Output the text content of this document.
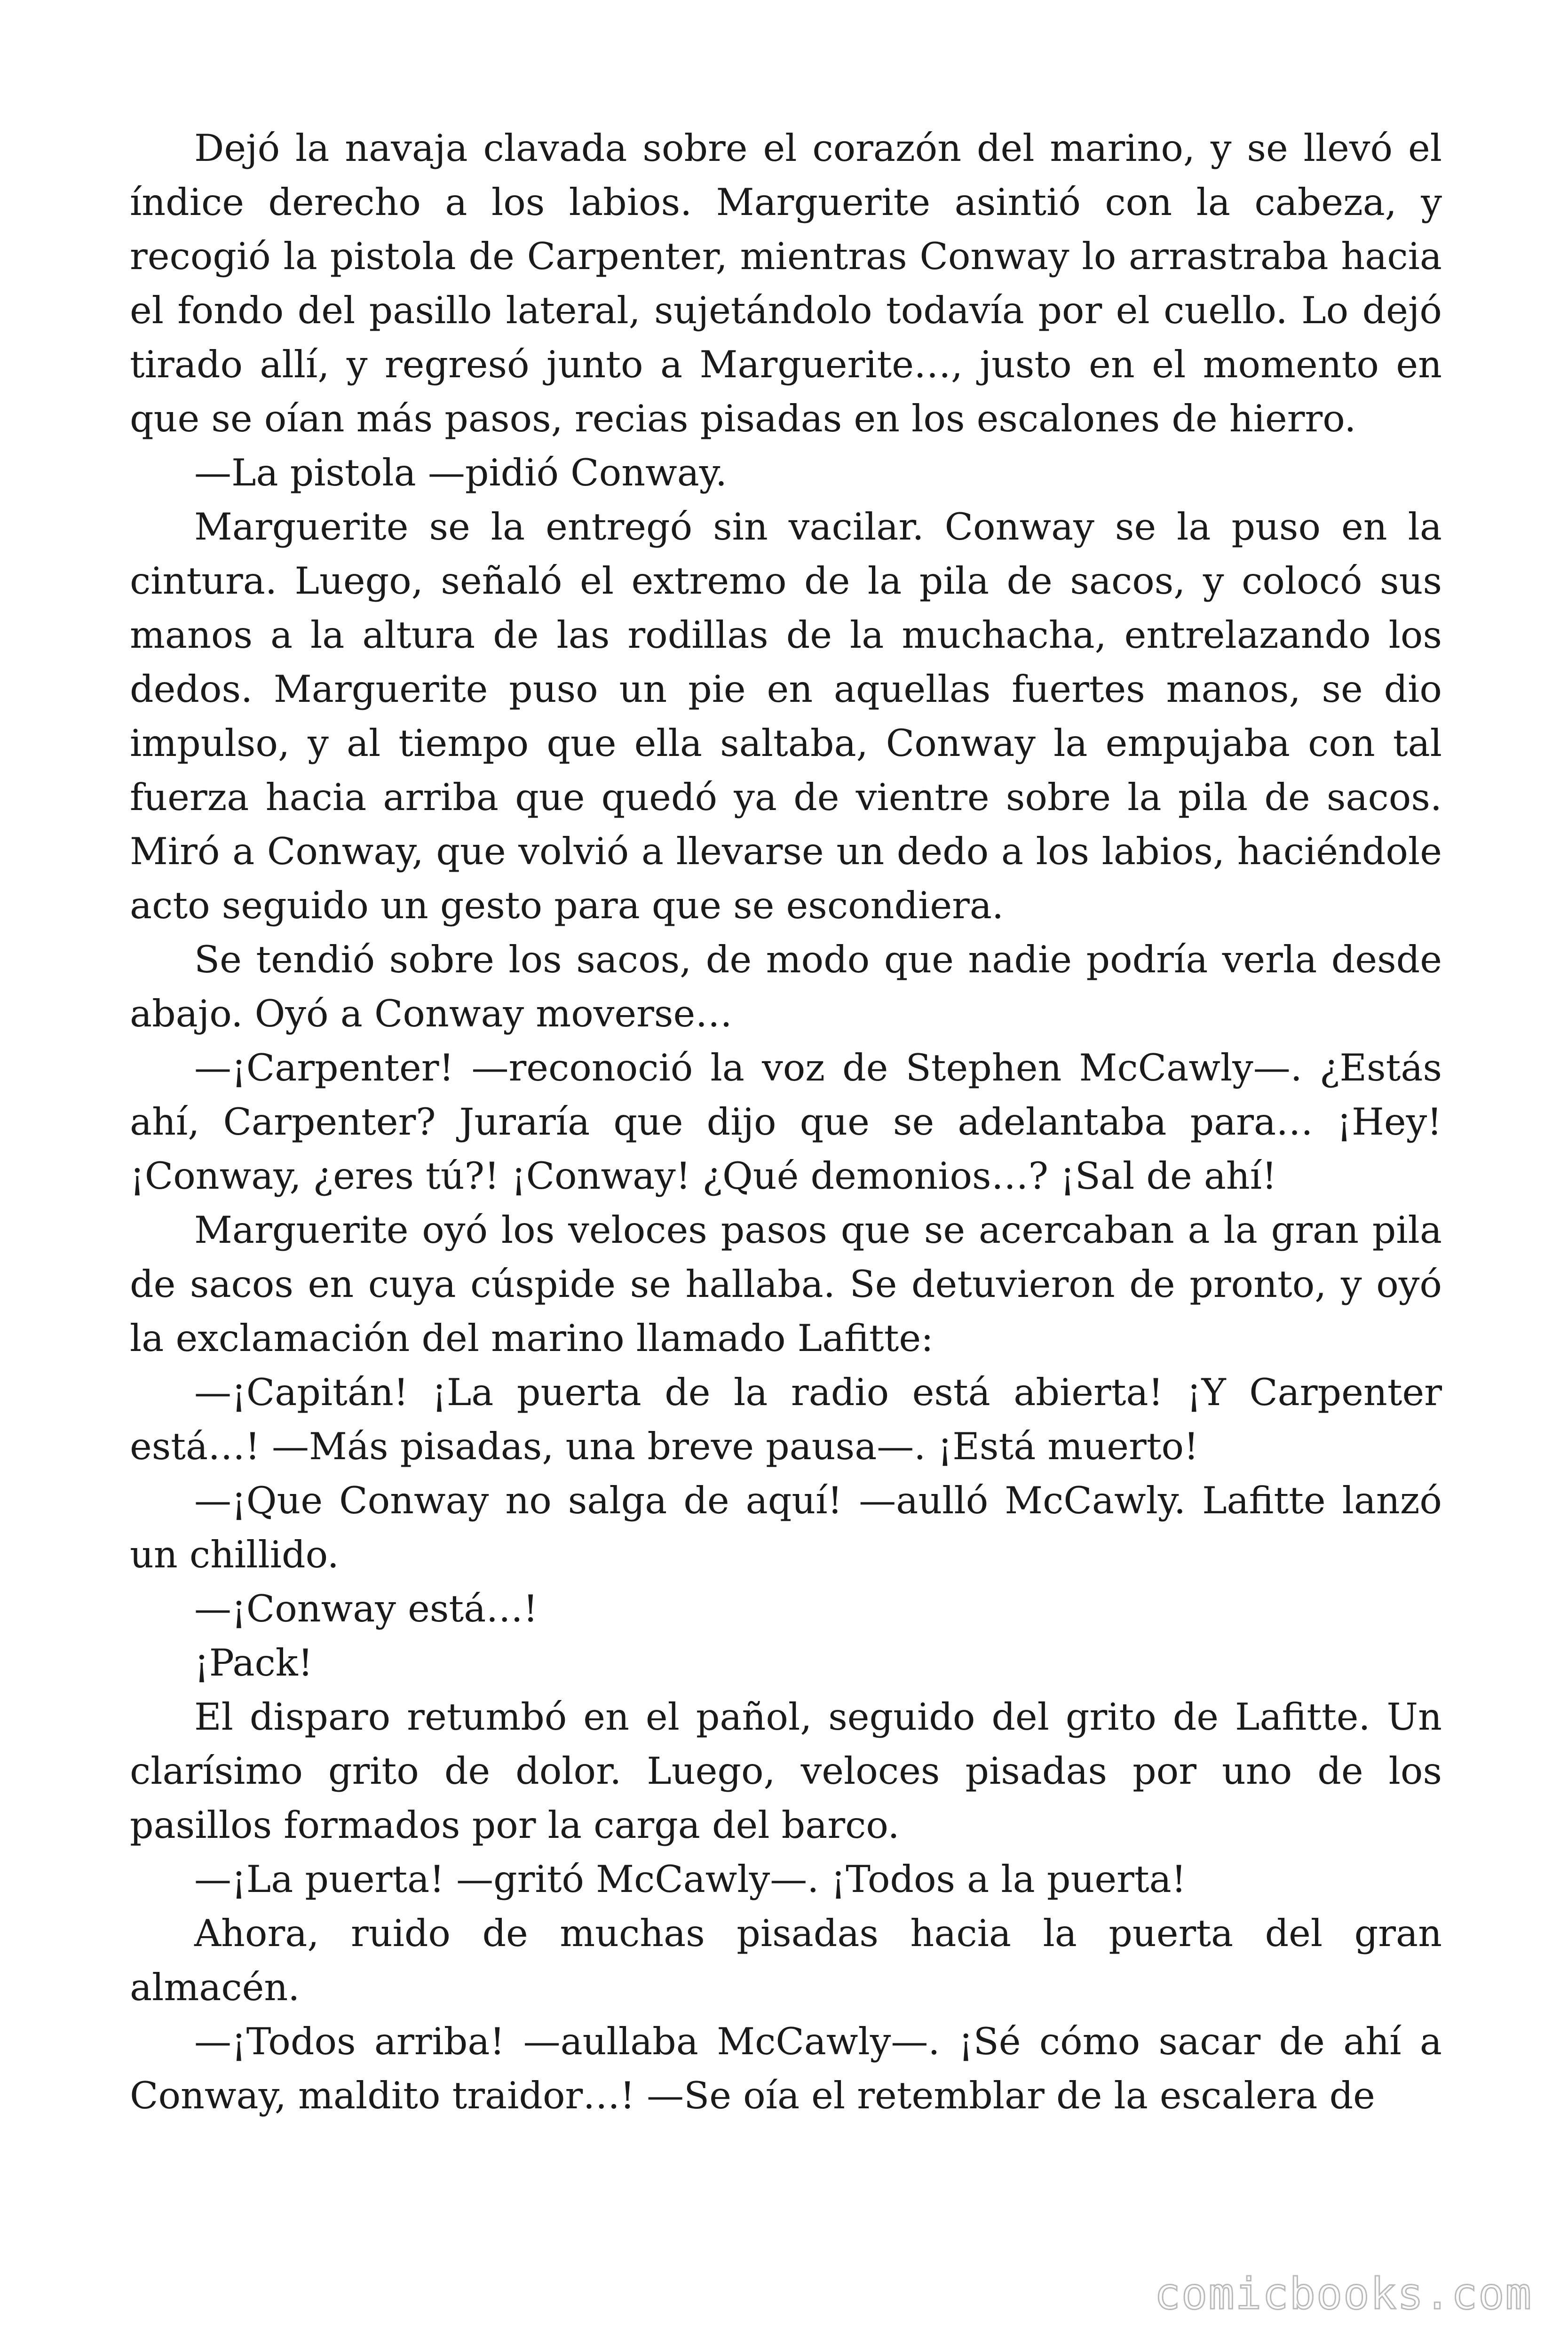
Dejó la navaja clavada sobre el corazón del marino, y se llevó el índice derecho a los labios. Marguerite asintió con la cabeza, y recogió la pistola de Carpenter, mientras Conway lo arrastraba hacia el fondo del pasillo lateral, sujetándolo todavía por el cuello. Lo dejó tirado allí, y regresó junto a Marguerite…, justo en el momento en que se oían más pasos, recias pisadas en los escalones de hierro.

—La pistola —pidió Conway.

Marguerite se la entregó sin vacilar. Conway se la puso en la cintura. Luego, señaló el extremo de la pila de sacos, y colocó sus manos a la altura de las rodillas de la muchacha, entrelazando los dedos. Marguerite puso un pie en aquellas fuertes manos, se dio impulso, y al tiempo que ella saltaba, Conway la empujaba con tal fuerza hacia arriba que quedó ya de vientre sobre la pila de sacos. Miró a Conway, que volvió a llevarse un dedo a los labios, haciéndole acto seguido un gesto para que se escondiera.

Se tendió sobre los sacos, de modo que nadie podría verla desde abajo. Oyó a Conway moverse…

—¡Carpenter! —reconoció la voz de Stephen McCawly—. ¿Estás ahí, Carpenter? Juraría que dijo que se adelantaba para… ¡Hey! ¡Conway, ¿eres tú?! ¡Conway! ¿Qué demonios…? ¡Sal de ahí!

Marguerite oyó los veloces pasos que se acercaban a la gran pila de sacos en cuya cúspide se hallaba. Se detuvieron de pronto, y oyó la exclamación del marino llamado Lafitte:

—¡Capitán! ¡La puerta de la radio está abierta! ¡Y Carpenter está…! —Más pisadas, una breve pausa—. ¡Está muerto!

—¡Que Conway no salga de aquí! —aulló McCawly. Lafitte lanzó un chillido.

—¡Conway está…!

¡Pack!

El disparo retumbó en el pañol, seguido del grito de Lafitte. Un clarísimo grito de dolor. Luego, veloces pisadas por uno de los pasillos formados por la carga del barco.

—¡La puerta! —gritó McCawly—. ¡Todos a la puerta!

Ahora, ruido de muchas pisadas hacia la puerta del gran almacén.

—¡Todos arriba! —aullaba McCawly—. ¡Sé cómo sacar de ahí a Conway, maldito traidor…! —Se oía el retemblar de la escalera de

comicbooks.com
